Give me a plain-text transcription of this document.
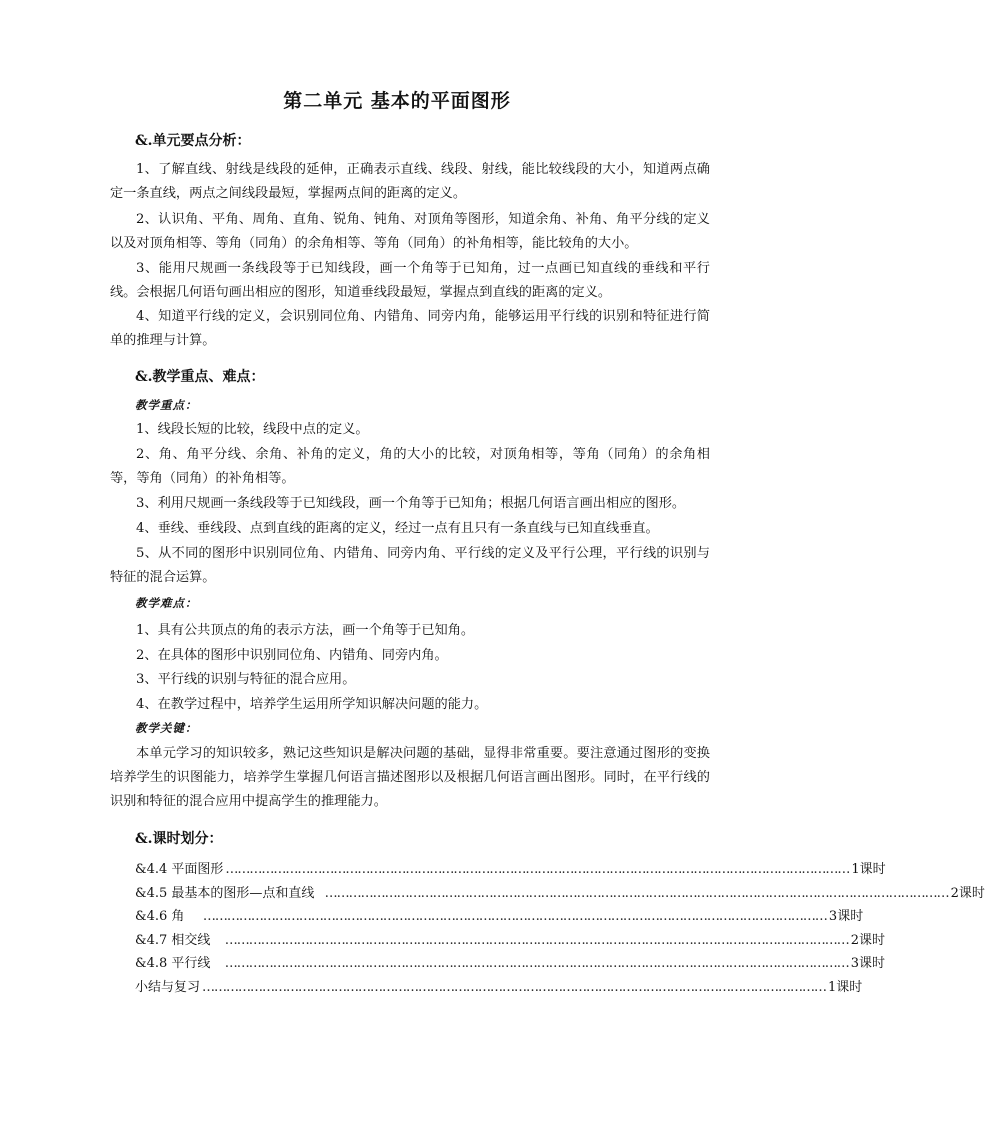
第二单元 基本的平面图形
&.单元要点分析：
1、了解直线、射线是线段的延伸，正确表示直线、线段、射线，能比较线段的大小，知道两点确定一条直线，两点之间线段最短，掌握两点间的距离的定义。
2、认识角、平角、周角、直角、锐角、钝角、对顶角等图形，知道余角、补角、角平分线的定义以及对顶角相等、等角（同角）的余角相等、等角（同角）的补角相等，能比较角的大小。
3、能用尺规画一条线段等于已知线段，画一个角等于已知角，过一点画已知直线的垂线和平行线。会根据几何语句画出相应的图形，知道垂线段最短，掌握点到直线的距离的定义。
4、知道平行线的定义，会识别同位角、内错角、同旁内角，能够运用平行线的识别和特征进行简单的推理与计算。
&.教学重点、难点：
教学重点：
1、线段长短的比较，线段中点的定义。
2、角、角平分线、余角、补角的定义，角的大小的比较，对顶角相等，等角（同角）的余角相等，等角（同角）的补角相等。
3、利用尺规画一条线段等于已知线段，画一个角等于已知角；根据几何语言画出相应的图形。
4、垂线、垂线段、点到直线的距离的定义，经过一点有且只有一条直线与已知直线垂直。
5、从不同的图形中识别同位角、内错角、同旁内角、平行线的定义及平行公理，平行线的识别与特征的混合运算。
教学难点：
1、具有公共顶点的角的表示方法，画一个角等于已知角。
2、在具体的图形中识别同位角、内错角、同旁内角。
3、平行线的识别与特征的混合应用。
4、在教学过程中，培养学生运用所学知识解决问题的能力。
教学关键：
本单元学习的知识较多，熟记这些知识是解决问题的基础，显得非常重要。要注意通过图形的变换培养学生的识图能力，培养学生掌握几何语言描述图形以及根据几何语言画出图形。同时，在平行线的识别和特征的混合应用中提高学生的推理能力。
&.课时划分：
&4.4 平面图形 ………………………………………………………………………………………………………………………………………… 1课时
&4.5 最基本的图形—点和直线 ………………………………………………………………………………………………………………………………………… 2课时
&4.6 角 ………………………………………………………………………………………………………………………………………… 3课时
&4.7 相交线 ………………………………………………………………………………………………………………………………………… 2课时
&4.8 平行线 ………………………………………………………………………………………………………………………………………… 3课时
小结与复习 ………………………………………………………………………………………………………………………………………… 1课时
